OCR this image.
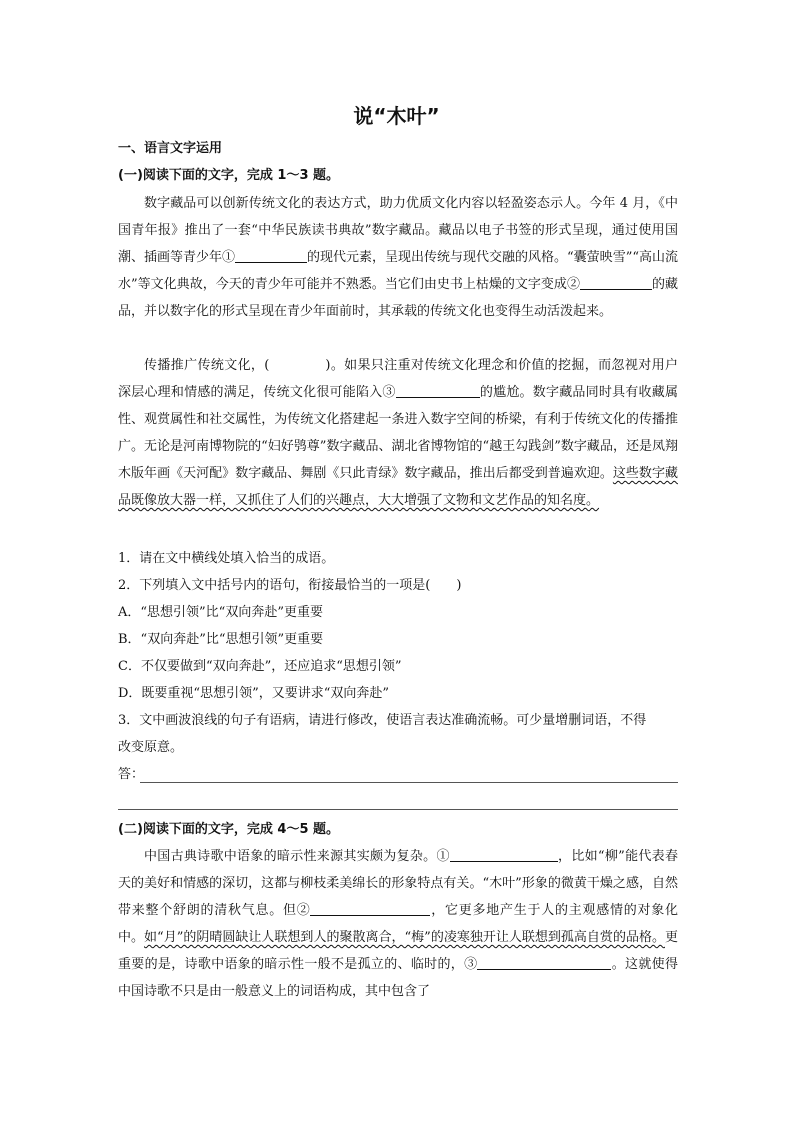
说“木叶”
一、语言文字运用
(一)阅读下面的文字，完成 1～3 题。

数字藏品可以创新传统文化的表达方式，助力优质文化内容以轻盈姿态示人。今年 4 月，《中国青年报》推出了一套“中华民族读书典故”数字藏品。藏品以电子书签的形式呈现，通过使用国潮、插画等青少年①	的现代元素，呈现出传统与现代交融的风格。“囊萤映雪”“高山流水”等文化典故，今天的青少年可能并不熟悉。当它们由史书上枯燥的文字变成②	的藏品，并以数字化的形式呈现在青少年面前时，其承载的传统文化也变得生动活泼起来。

传播推广传统文化，(	)。如果只注重对传统文化理念和价值的挖掘，而忽视对用户深层心理和情感的满足，传统文化很可能陷入③	的尴尬。数字藏品同时具有收藏属性、观赏属性和社交属性，为传统文化搭建起一条进入数字空间的桥梁，有利于传统文化的传播推广。无论是河南博物院的“妇好鸮尊”数字藏品、湖北省博物馆的“越王勾践剑”数字藏品，还是凤翔木版年画《天河配》数字藏品、舞剧《只此青绿》数字藏品，推出后都受到普遍欢迎。这些数字藏品既像放大器一样，又抓住了人们的兴趣点，大大增强了文物和文艺作品的知名度。

1．请在文中横线处填入恰当的成语。
2．下列填入文中括号内的语句，衔接最恰当的一项是(　　)
A．“思想引领”比“双向奔赴”更重要
B．“双向奔赴”比“思想引领”更重要
C．不仅要做到“双向奔赴”，还应追求“思想引领”
D．既要重视“思想引领”，又要讲求“双向奔赴”
3．文中画波浪线的句子有语病，请进行修改，使语言表达准确流畅。可少量增删词语，不得
改变原意。
答：
(二)阅读下面的文字，完成 4～5 题。

中国古典诗歌中语象的暗示性来源其实颇为复杂。①	，比如“柳”能代表春天的美好和情感的深切，这都与柳枝柔美绵长的形象特点有关。“木叶”形象的微黄干燥之感，自然带来整个舒朗的清秋气息。但②	，它更多地产生于人的主观感情的对象化中。如“月”的阴晴圆缺让人联想到人的聚散离合，“梅”的凌寒独开让人联想到孤高自赏的品格。更重要的是，诗歌中语象的暗示性一般不是孤立的、临时的，③	。这就使得中国诗歌不只是由一般意义上的词语构成，其中包含了
